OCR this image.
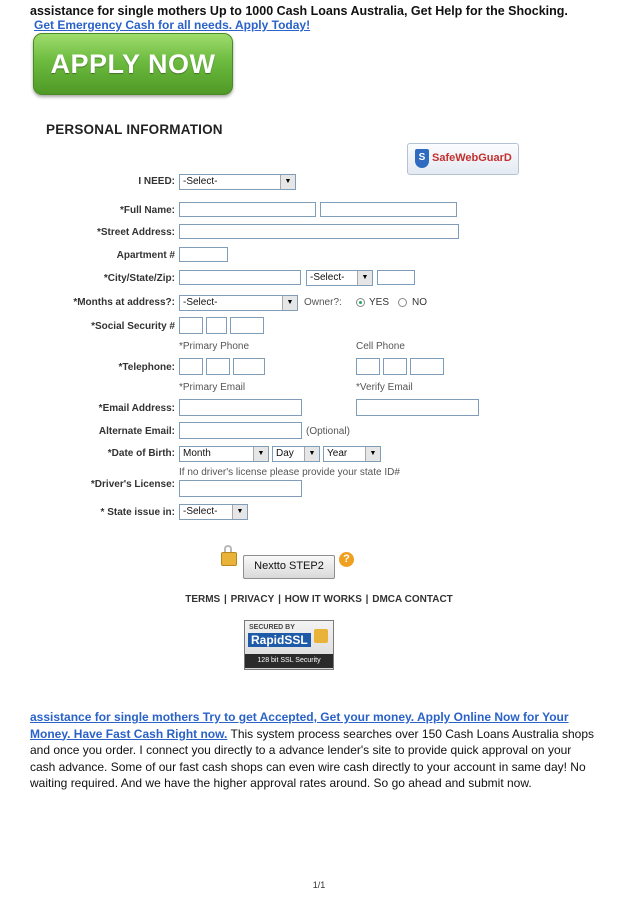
assistance for single mothers Up to 1000 Cash Loans Australia, Get Help for the Shocking.
Get Emergency Cash for all needs. Apply Today!
APPLY NOW
PERSONAL INFORMATION
S SafeWebGuarD
I NEED: -Select-	▼
*Full Name:
*Street Address:
Apartment #
*City/State/Zip:	-Select-	▼
*Months at address?: -Select-	▼	Owner?:	YES NO
*Social Security #
*Primary Phone	Cell Phone
*Telephone:
*Primary Email	*Verify Email
*Email Address:
Alternate Email:	(Optional)
*Date of Birth: Month	▼	Day	▼	Year	▼
If no driver's license please provide your state ID#
*Driver's License:
* State issue in: -Select-	▼
Nextto STEP2
?
TERMS | PRIVACY | HOW IT WORKS | DMCA CONTACT
SECURED BY
RapidSSL
128 bit SSL Security
assistance for single mothers Try to get Accepted, Get your money. Apply Online Now for Your Money. Have Fast Cash Right now. This system process searches over 150 Cash Loans Australia shops and once you order. I connect you directly to a advance lender's site to provide quick approval on your cash advance. Some of our fast cash shops can even wire cash directly to your account in same day! No waiting required. And we have the higher approval rates around. So go ahead and submit now.
1/1
